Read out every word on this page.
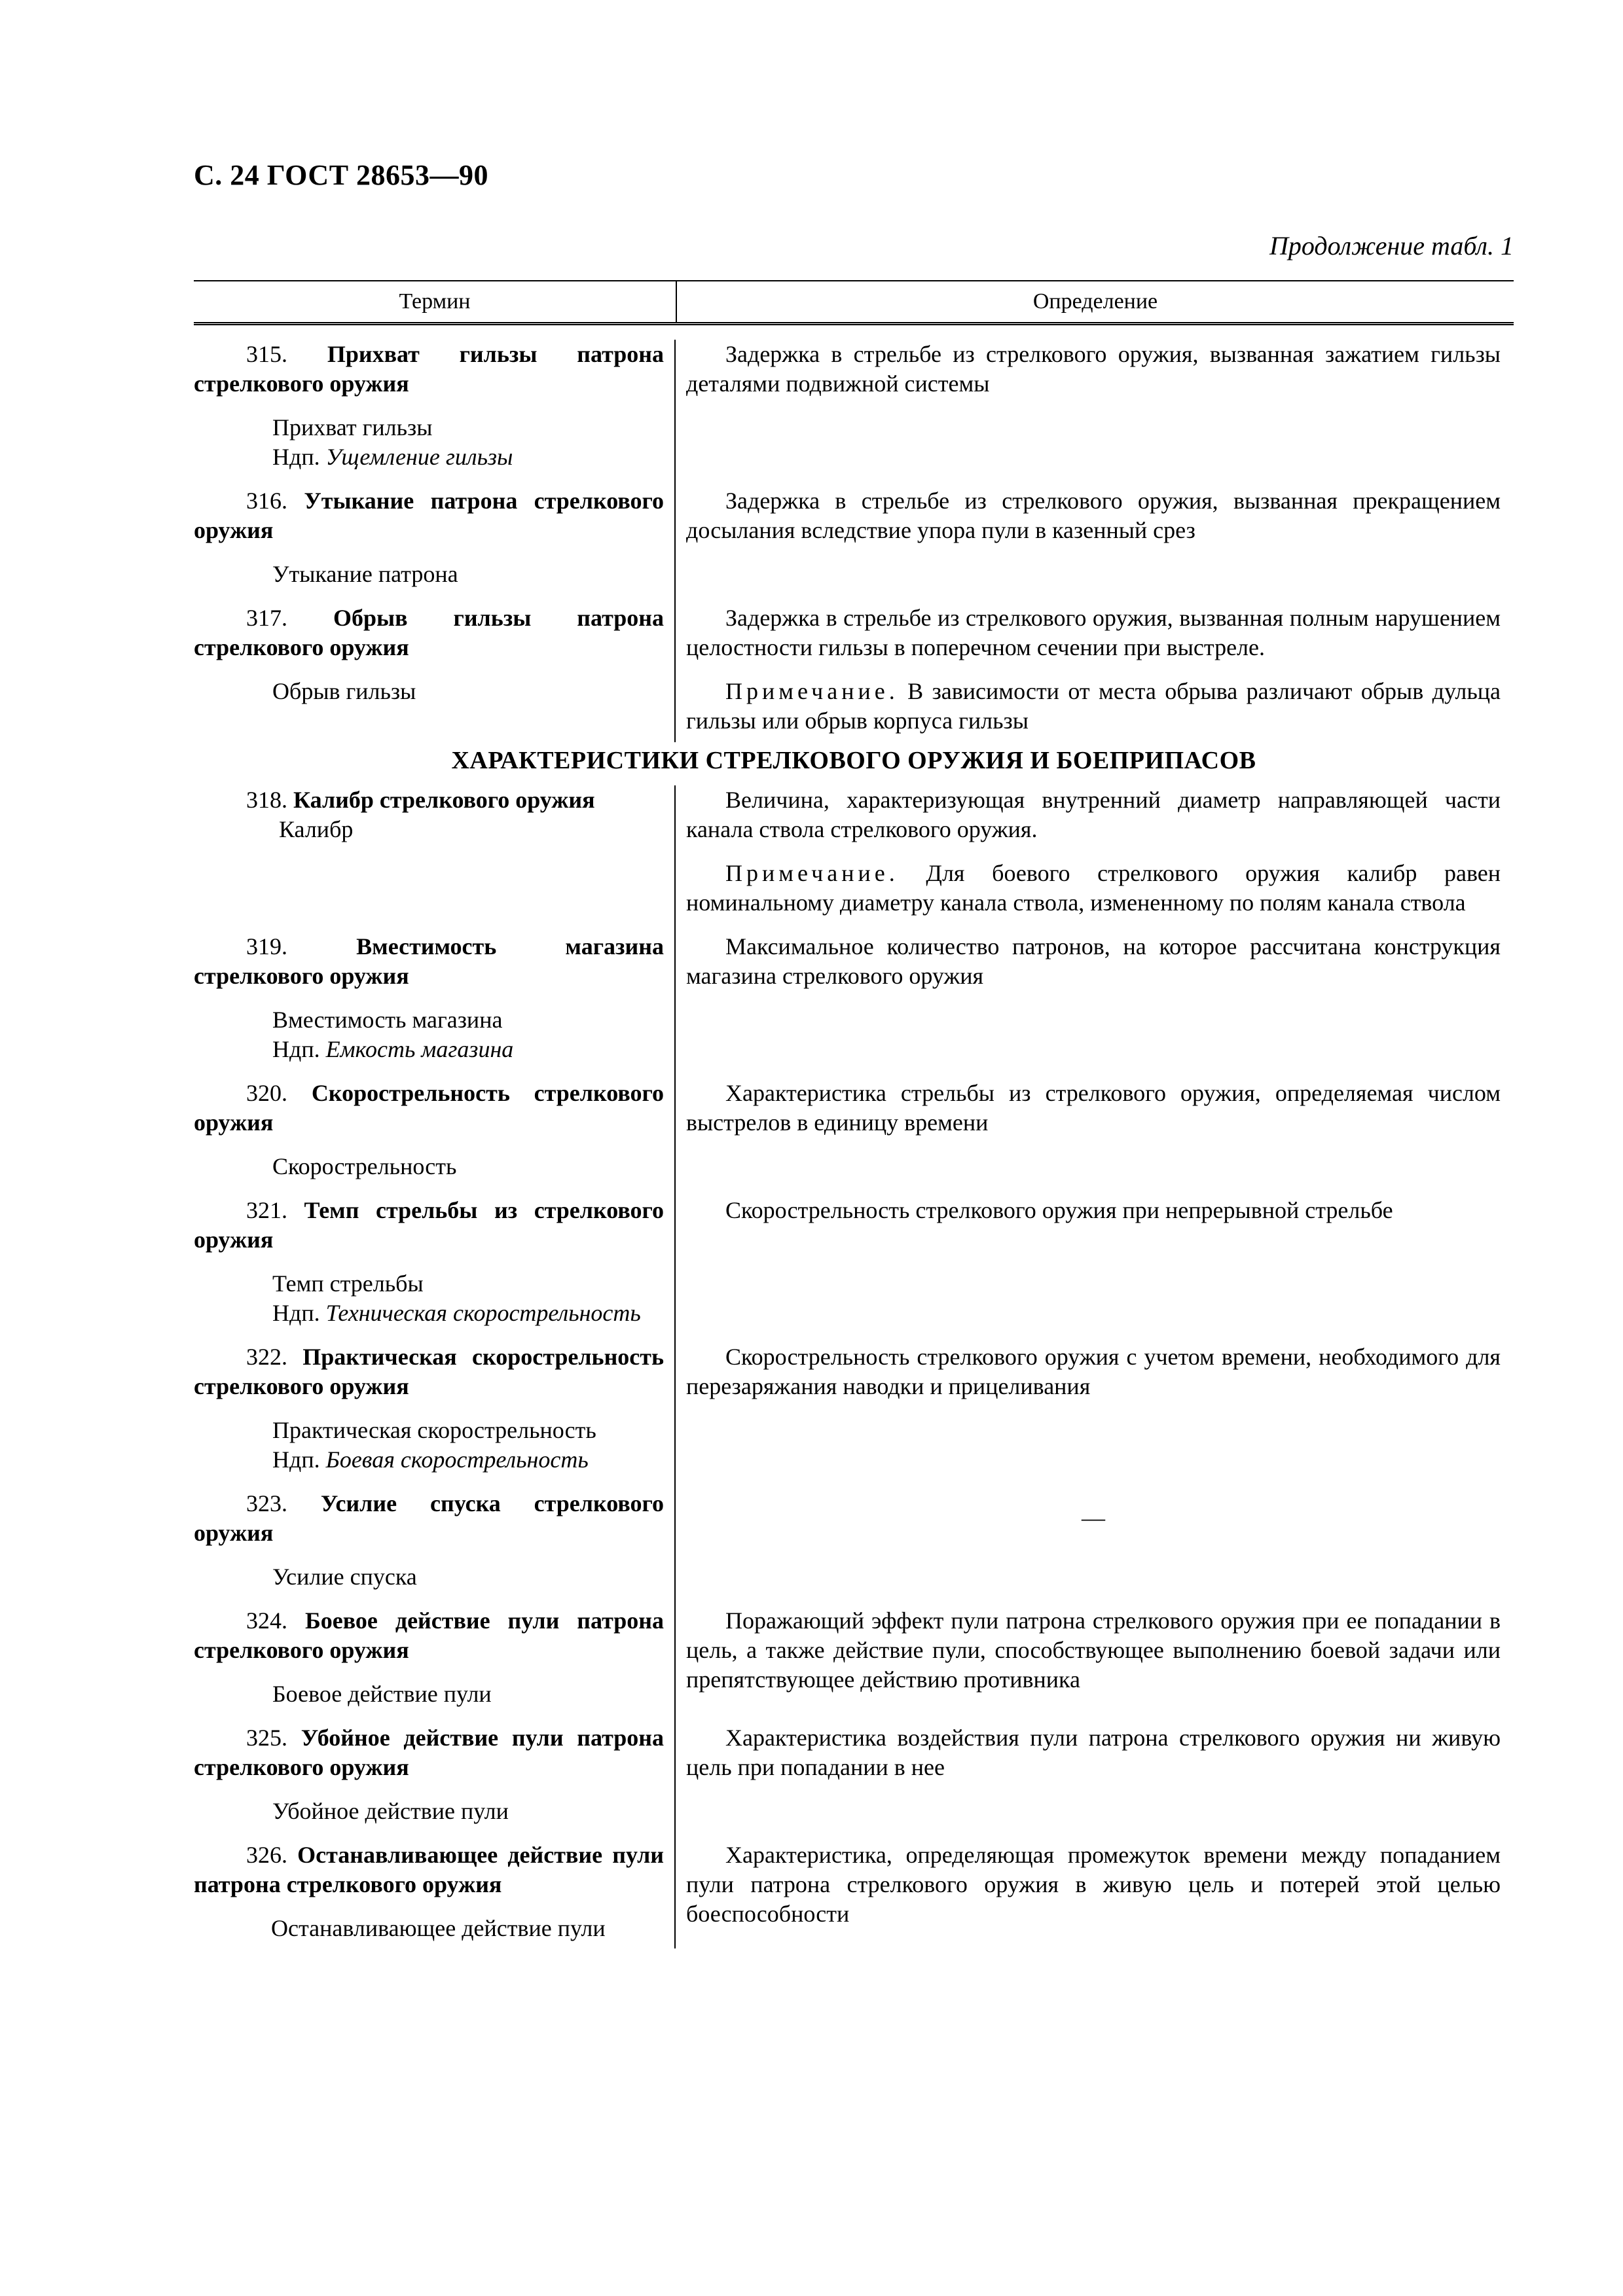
С. 24 ГОСТ 28653—90
Продолжение табл. 1
Термин	Определение
315. Прихват гильзы патрона стрелкового оружия
Прихват гильзы
Ндп. Ущемление гильзы

Задержка в стрельбе из стрелкового оружия, вызванная зажатием гильзы деталями подвижной системы

316. Утыкание патрона стрелкового оружия
Утыкание патрона

Задержка в стрельбе из стрелкового оружия, вызванная прекращением досылания вследствие упора пули в казенный срез

317. Обрыв гильзы патрона стрелкового оружия
Обрыв гильзы

Задержка в стрельбе из стрелкового оружия, вызванная полным нарушением целостности гильзы в поперечном сечении при выстреле.

Примечание. В зависимости от места обрыва различают обрыв дульца гильзы или обрыв корпуса гильзы

ХАРАКТЕРИСТИКИ СТРЕЛКОВОГО ОРУЖИЯ И БОЕПРИПАСОВ
318. Калибр стрелкового оружия
Калибр

Величина, характеризующая внутренний диаметр направляющей части канала ствола стрелкового оружия.

Примечание. Для боевого стрелкового оружия калибр равен номинальному диаметру канала ствола, измененному по полям канала ствола

319.	Вместимость магазина стрелкового оружия
Вместимость магазина
Ндп. Емкость магазина

Максимальное количество патронов, на которое рассчитана конструкция магазина стрелкового оружия

320. Скорострельность стрелкового оружия
Скорострельность

Характеристика стрельбы из стрелкового оружия, определяемая числом выстрелов в единицу времени

321. Темп стрельбы из стрелкового оружия
Темп стрельбы
Ндп. Техническая скорострельность

Скорострельность стрелкового оружия при непрерывной стрельбе

322. Практическая скорострельность стрелкового оружия
Практическая скорострельность
Ндп. Боевая скорострельность

Скорострельность стрелкового оружия с учетом времени, необходимого для перезаряжания наводки и прицеливания

323. Усилие спуска стрелкового оружия
Усилие спуска

—

324. Боевое действие пули патрона стрелкового оружия
Боевое действие пули

Поражающий эффект пули патрона стрелкового оружия при ее попадании в цель, а также действие пули, способствующее выполнению боевой задачи или препятствующее действию противника

325. Убойное действие пули патрона стрелкового оружия
Убойное действие пули

Характеристика воздействия пули патрона стрелкового оружия ни живую цель при попадании в нее

326. Останавливающее действие пули патрона стрелкового оружия
Останавливающее действие пули

Характеристика, определяющая промежуток времени между попаданием пули патрона стрелкового оружия в живую цель и потерей этой целью боеспособности
